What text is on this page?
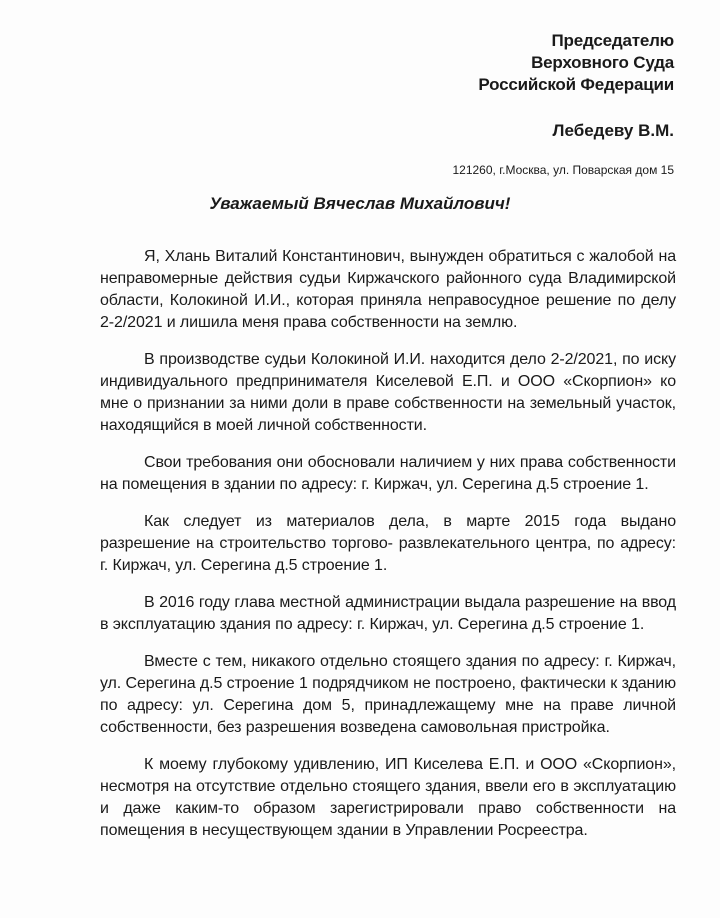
Председателю
Верховного Суда
Российской Федерации
Лебедеву В.М.
121260, г.Москва, ул. Поварская дом 15
Уважаемый Вячеслав Михайлович!

Я, Хлань Виталий Константинович, вынужден обратиться с жалобой на неправомерные действия судьи Киржачского районного суда Владимирской области, Колокиной И.И., которая приняла неправосудное решение по делу 2-2/2021 и лишила меня права собственности на землю.

В производстве судьи Колокиной И.И. находится дело 2-2/2021, по иску индивидуального предпринимателя Киселевой Е.П. и ООО «Скорпион» ко мне о признании за ними доли в праве собственности на земельный участок, находящийся в моей личной собственности.

Свои требования они обосновали наличием у них права собственности на помещения в здании по адресу: г. Киржач, ул. Серегина д.5 строение 1.

Как следует из материалов дела, в марте 2015 года выдано разрешение на строительство торгово- развлекательного центра, по адресу: г. Киржач, ул. Серегина д.5 строение 1.

В 2016 году глава местной администрации выдала разрешение на ввод в эксплуатацию здания по адресу: г. Киржач, ул. Серегина д.5 строение 1.

Вместе с тем, никакого отдельно стоящего здания по адресу: г. Киржач, ул. Серегина д.5 строение 1 подрядчиком не построено, фактически к зданию по адресу: ул. Серегина дом 5, принадлежащему мне на праве личной собственности, без разрешения возведена самовольная пристройка.

К моему глубокому удивлению, ИП Киселева Е.П. и ООО «Скорпион», несмотря на отсутствие отдельно стоящего здания, ввели его в эксплуатацию и даже каким-то образом зарегистрировали право собственности на помещения в несуществующем здании в Управлении Росреестра.
